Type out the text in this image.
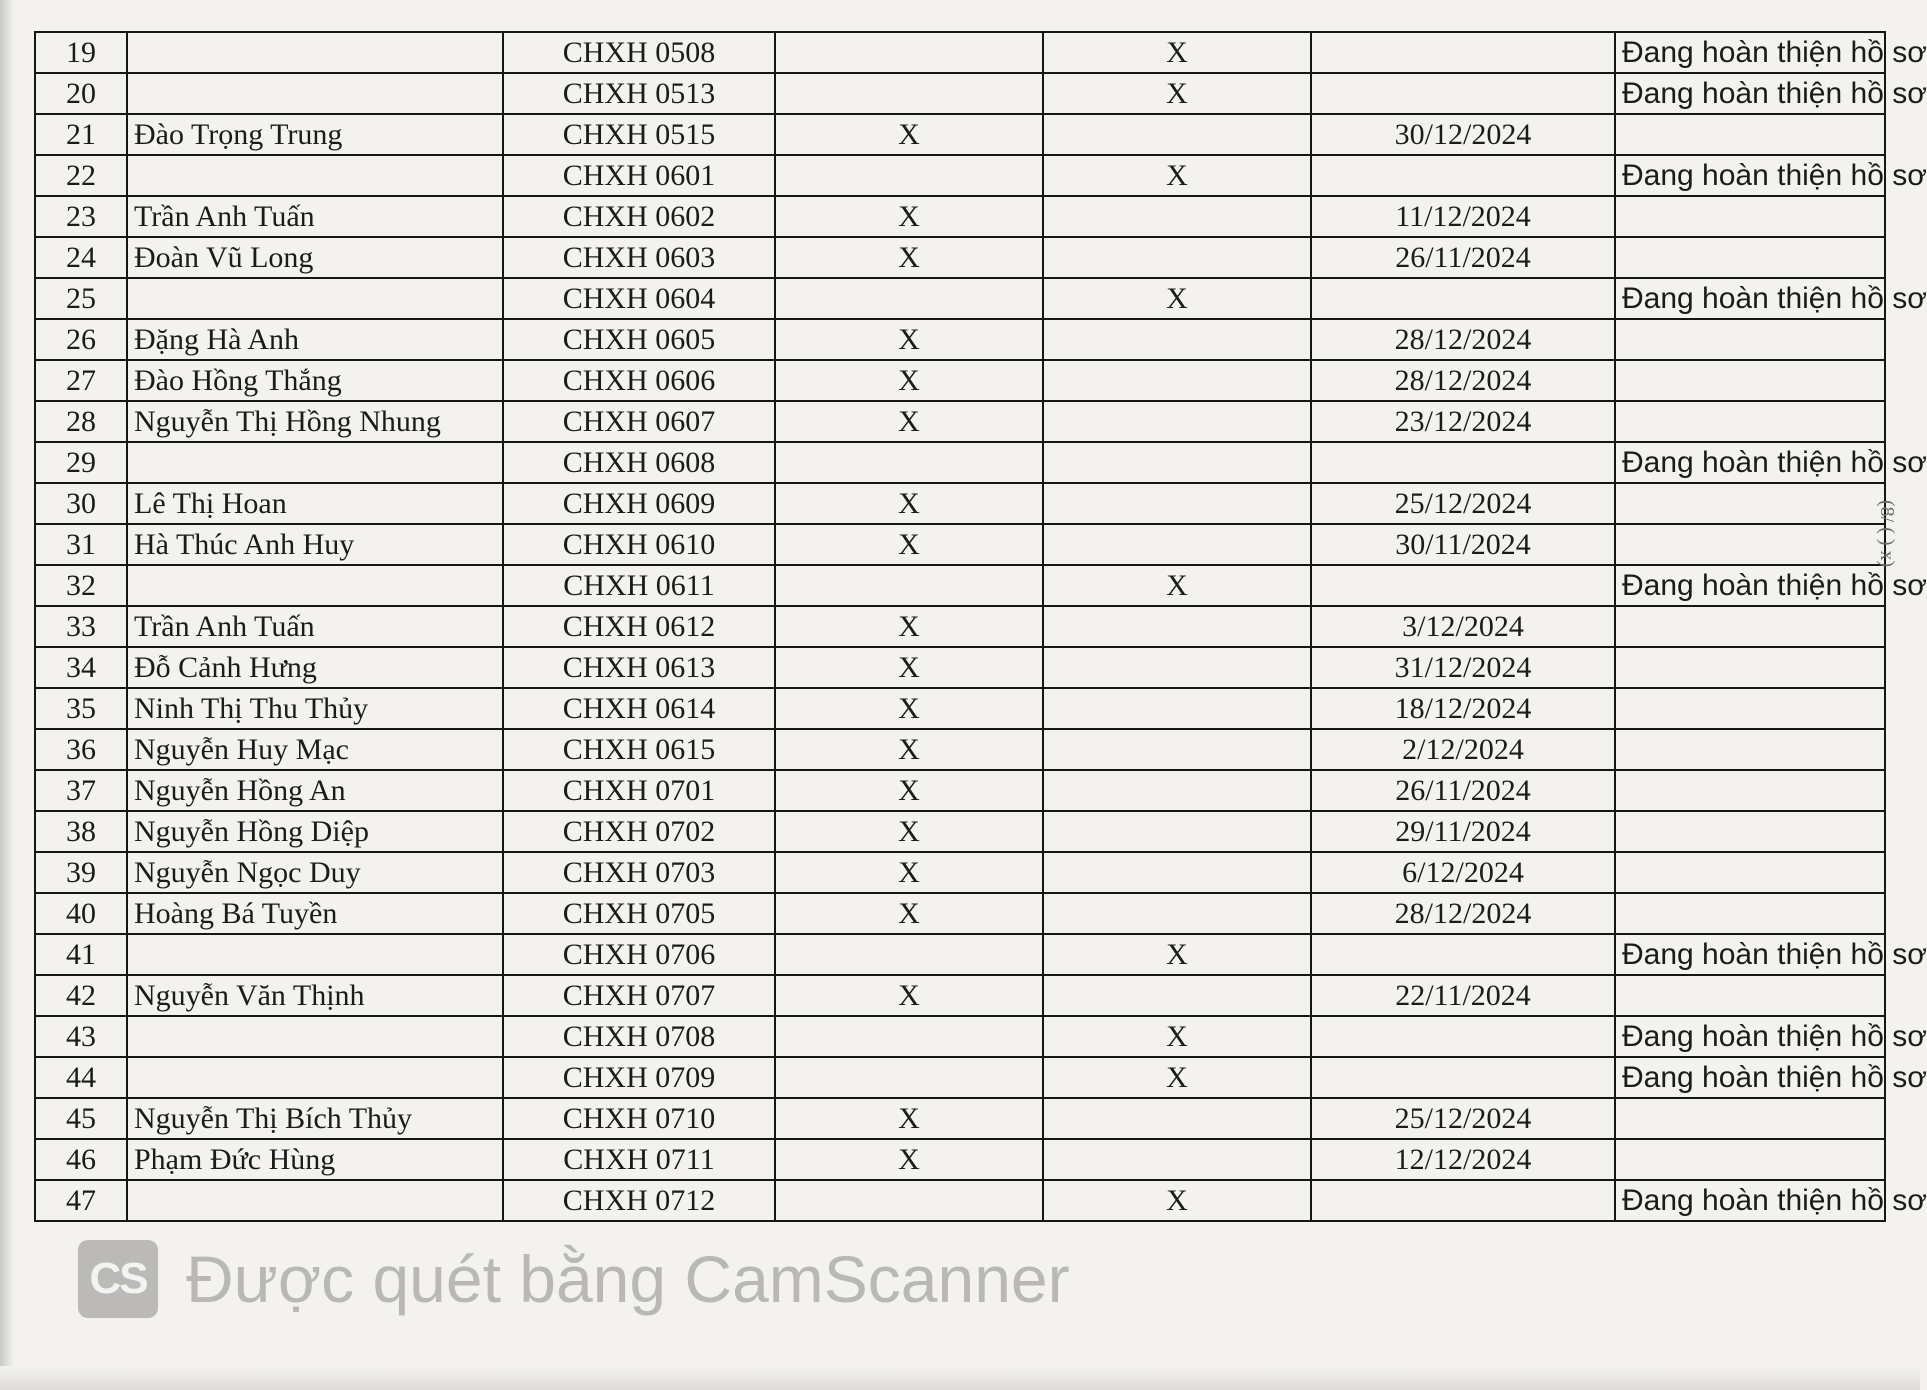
19		CHXH 0508		X		Đang hoàn thiện hồ sơ
20		CHXH 0513		X		Đang hoàn thiện hồ sơ
21	Đào Trọng Trung	CHXH 0515	X		30/12/2024	
22		CHXH 0601		X		Đang hoàn thiện hồ sơ
23	Trần Anh Tuấn	CHXH 0602	X		11/12/2024	
24	Đoàn Vũ Long	CHXH 0603	X		26/11/2024	
25		CHXH 0604		X		Đang hoàn thiện hồ sơ
26	Đặng Hà Anh	CHXH 0605	X		28/12/2024	
27	Đào Hồng Thắng	CHXH 0606	X		28/12/2024	
28	Nguyễn Thị Hồng Nhung	CHXH 0607	X		23/12/2024	
29		CHXH 0608				Đang hoàn thiện hồ sơ
30	Lê Thị Hoan	CHXH 0609	X		25/12/2024	
31	Hà Thúc Anh Huy	CHXH 0610	X		30/11/2024	
32		CHXH 0611		X		Đang hoàn thiện hồ sơ
33	Trần Anh Tuấn	CHXH 0612	X		3/12/2024	
34	Đỗ Cảnh Hưng	CHXH 0613	X		31/12/2024	
35	Ninh Thị Thu Thủy	CHXH 0614	X		18/12/2024	
36	Nguyễn Huy Mạc	CHXH 0615	X		2/12/2024	
37	Nguyễn Hồng An	CHXH 0701	X		26/11/2024	
38	Nguyễn Hồng Diệp	CHXH 0702	X		29/11/2024	
39	Nguyễn Ngọc Duy	CHXH 0703	X		6/12/2024	
40	Hoàng Bá Tuyền	CHXH 0705	X		28/12/2024	
41		CHXH 0706		X		Đang hoàn thiện hồ sơ
42	Nguyễn Văn Thịnh	CHXH 0707	X		22/11/2024	
43		CHXH 0708		X		Đang hoàn thiện hồ sơ
44		CHXH 0709		X		Đang hoàn thiện hồ sơ
45	Nguyễn Thị Bích Thủy	CHXH 0710	X		25/12/2024	
46	Phạm Đức Hùng	CHXH 0711	X		12/12/2024	
47		CHXH 0712		X		Đang hoàn thiện hồ sơ
CS Được quét bằng CamScanner
(8/ ( ) x)
